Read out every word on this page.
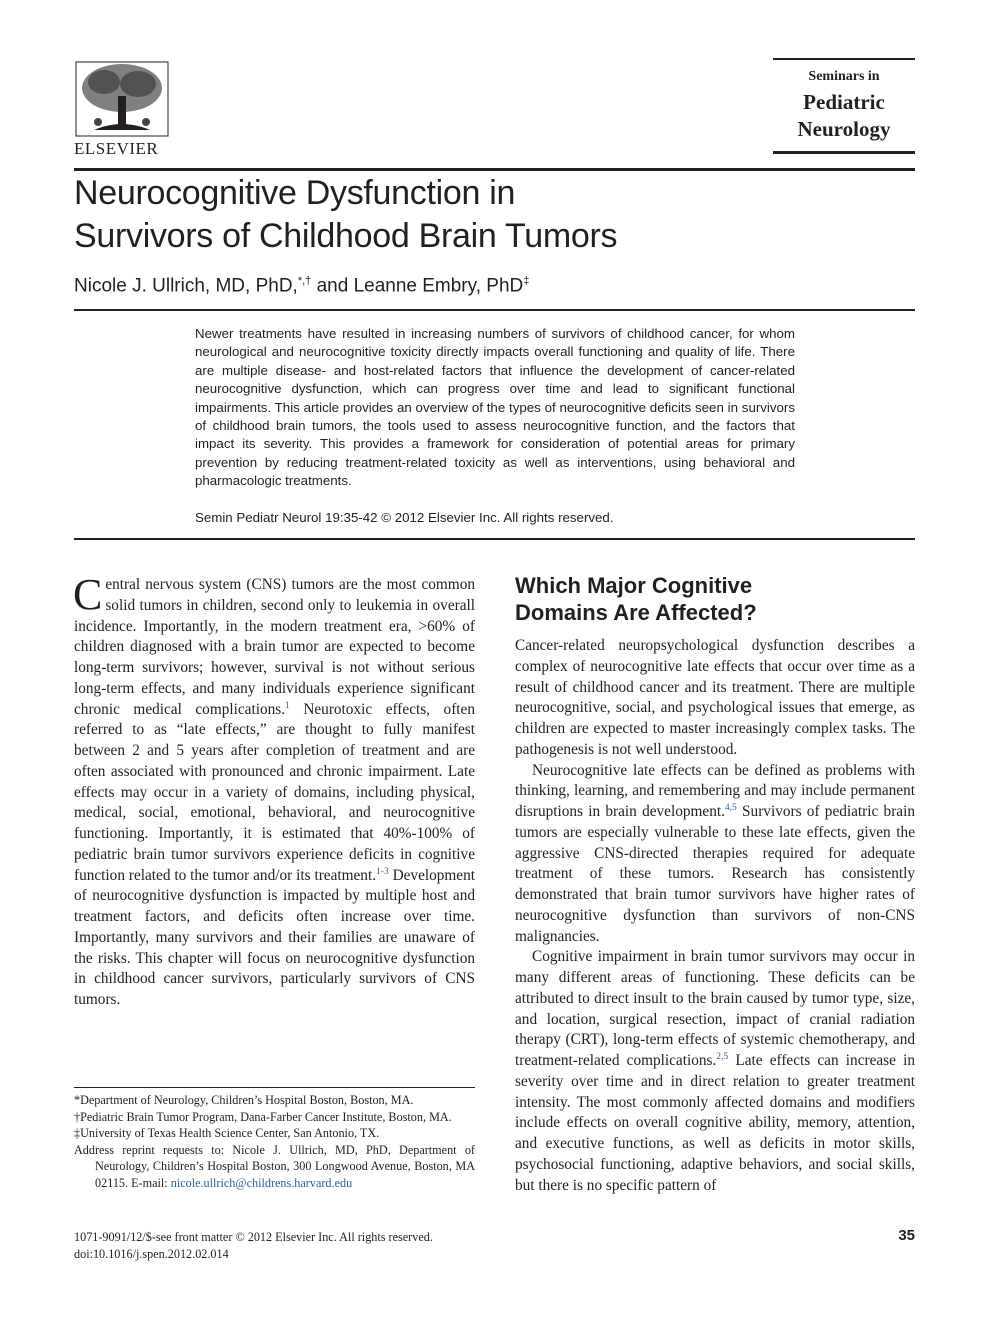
ELSEVIER
Seminars in
Pediatric
Neurology
Neurocognitive Dysfunction in
Survivors of Childhood Brain Tumors
Nicole J. Ullrich, MD, PhD,*,† and Leanne Embry, PhD‡
Newer treatments have resulted in increasing numbers of survivors of childhood cancer, for whom neurological and neurocognitive toxicity directly impacts overall functioning and quality of life. There are multiple disease- and host-related factors that influence the development of cancer-related neurocognitive dysfunction, which can progress over time and lead to significant functional impairments. This article provides an overview of the types of neurocognitive deficits seen in survivors of childhood brain tumors, the tools used to assess neurocognitive function, and the factors that impact its severity. This provides a framework for consideration of potential areas for primary prevention by reducing treatment-related toxicity as well as interventions, using behavioral and pharmacologic treatments.
Semin Pediatr Neurol 19:35-42 © 2012 Elsevier Inc. All rights reserved.

Central nervous system (CNS) tumors are the most common solid tumors in children, second only to leukemia in overall incidence. Importantly, in the modern treatment era, >60% of children diagnosed with a brain tumor are expected to become long-term survivors; however, survival is not without serious long-term effects, and many individuals experience significant chronic medical complications.$^1$ Neurotoxic effects, often referred to as “late effects,” are thought to fully manifest between 2 and 5 years after completion of treatment and are often associated with pronounced and chronic impairment. Late effects may occur in a variety of domains, including physical, medical, social, emotional, behavioral, and neurocognitive functioning. Importantly, it is estimated that 40%-100% of pediatric brain tumor survivors experience deficits in cognitive function related to the tumor and/or its treatment.$^{1-3}$ Development of neurocognitive dysfunction is impacted by multiple host and treatment factors, and deficits often increase over time. Importantly, many survivors and their families are unaware of the risks. This chapter will focus on neurocognitive dysfunction in childhood cancer survivors, particularly survivors of CNS tumors.

Which Major Cognitive
Domains Are Affected?

Cancer-related neuropsychological dysfunction describes a complex of neurocognitive late effects that occur over time as a result of childhood cancer and its treatment. There are multiple neurocognitive, social, and psychological issues that emerge, as children are expected to master increasingly complex tasks. The pathogenesis is not well understood.

Neurocognitive late effects can be defined as problems with thinking, learning, and remembering and may include permanent disruptions in brain development.$^{4,5}$ Survivors of pediatric brain tumors are especially vulnerable to these late effects, given the aggressive CNS-directed therapies required for adequate treatment of these tumors. Research has consistently demonstrated that brain tumor survivors have higher rates of neurocognitive dysfunction than survivors of non-CNS malignancies.

Cognitive impairment in brain tumor survivors may occur in many different areas of functioning. These deficits can be attributed to direct insult to the brain caused by tumor type, size, and location, surgical resection, impact of cranial radiation therapy (CRT), long-term effects of systemic chemotherapy, and treatment-related complications.$^{2,5}$ Late effects can increase in severity over time and in direct relation to greater treatment intensity. The most commonly affected domains and modifiers include effects on overall cognitive ability, memory, attention, and executive functions, as well as deficits in motor skills, psychosocial functioning, adaptive behaviors, and social skills, but there is no specific pattern of

*Department of Neurology, Children’s Hospital Boston, Boston, MA.

†Pediatric Brain Tumor Program, Dana-Farber Cancer Institute, Boston, MA.

‡University of Texas Health Science Center, San Antonio, TX.

Address reprint requests to: Nicole J. Ullrich, MD, PhD, Department of Neurology, Children’s Hospital Boston, 300 Longwood Avenue, Boston, MA 02115. E-mail: nicole.ullrich@childrens.harvard.edu

1071-9091/12/$-see front matter © 2012 Elsevier Inc. All rights reserved.
doi:10.1016/j.spen.2012.02.014
35
